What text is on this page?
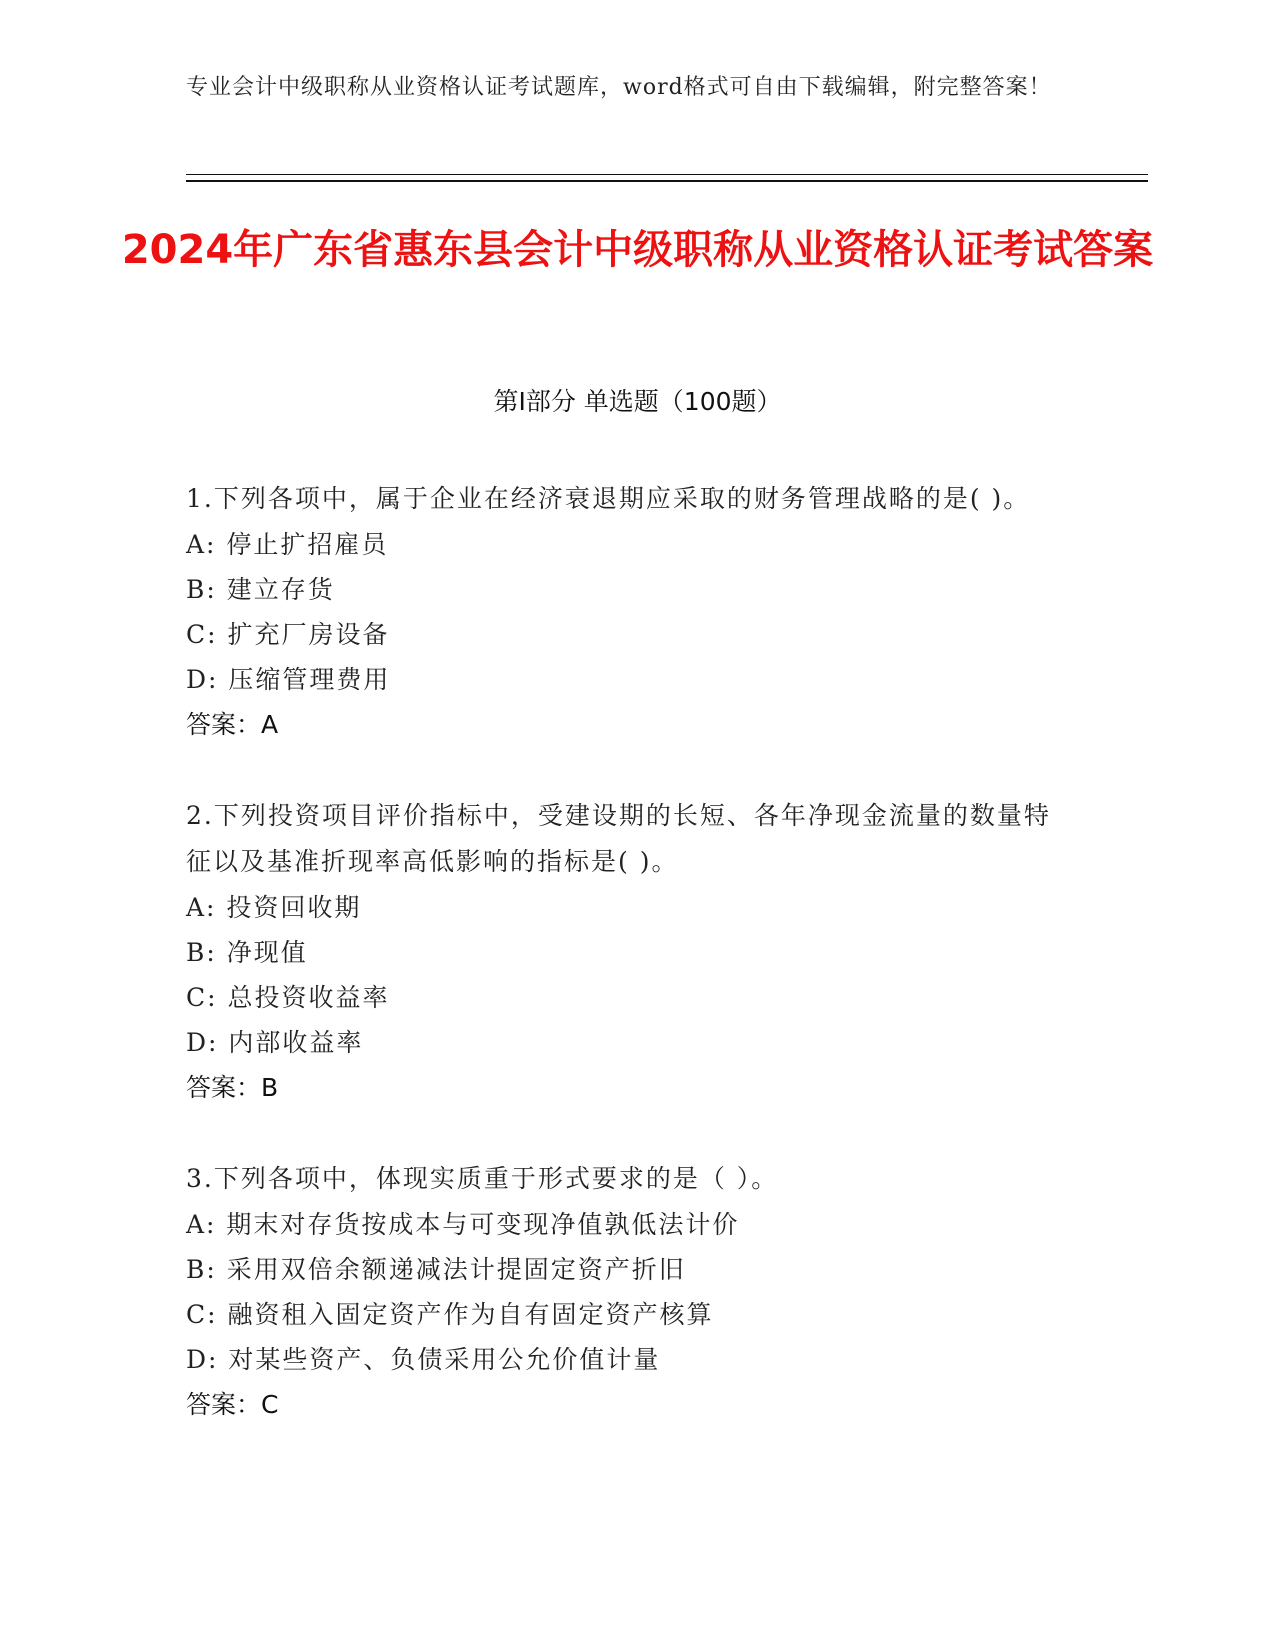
专业会计中级职称从业资格认证考试题库，word格式可自由下载编辑，附完整答案！
2024年广东省惠东县会计中级职称从业资格认证考试答案
第Ⅰ部分 单选题（100题）

1.下列各项中，属于企业在经济衰退期应采取的财务管理战略的是( )。

A: 停止扩招雇员

B: 建立存货

C: 扩充厂房设备

D: 压缩管理费用

答案：A

2.下列投资项目评价指标中，受建设期的长短、各年净现金流量的数量特征以及基准折现率高低影响的指标是( )。

A: 投资回收期

B: 净现值

C: 总投资收益率

D: 内部收益率

答案：B

3.下列各项中，体现实质重于形式要求的是（ ）。

A: 期末对存货按成本与可变现净值孰低法计价

B: 采用双倍余额递减法计提固定资产折旧

C: 融资租入固定资产作为自有固定资产核算

D: 对某些资产、负债采用公允价值计量

答案：C
